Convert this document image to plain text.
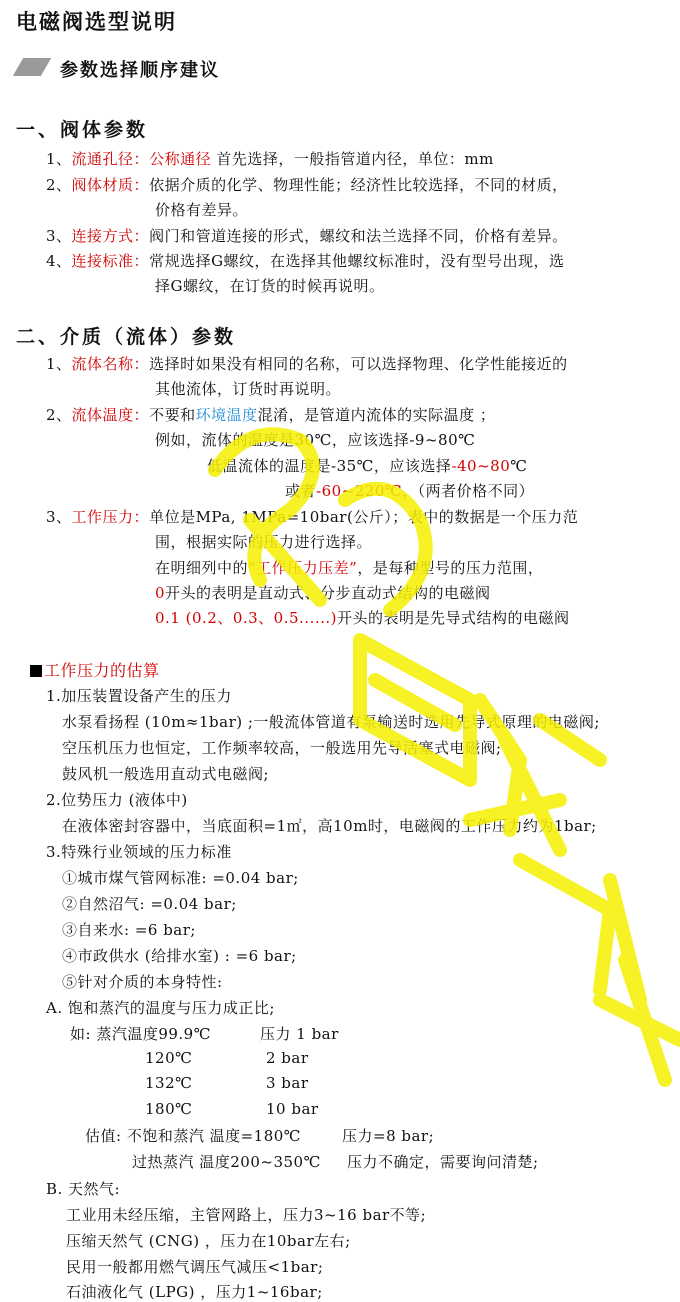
电磁阀选型说明
参数选择顺序建议
一、阀体参数
1、流通孔径：公称通径 首先选择，一般指管道内径，单位：mm
2、阀体材质：依据介质的化学、物理性能；经济性比较选择，不同的材质，
价格有差异。
3、连接方式：阀门和管道连接的形式，螺纹和法兰选择不同，价格有差异。
4、连接标准：常规选择G螺纹，在选择其他螺纹标准时，没有型号出现，选
择G螺纹，在订货的时候再说明。
二、介质（流体）参数
1、流体名称：选择时如果没有相同的名称，可以选择物理、化学性能接近的
其他流体，订货时再说明。
2、流体温度：不要和环境温度混淆，是管道内流体的实际温度 ；
例如，流体的温度是30℃，应该选择-9~80℃
低温流体的温度是-35℃，应该选择-40~80℃
或者-60~220℃，（两者价格不同）
3、工作压力：单位是MPa, 1MPa=10bar(公斤）；表中的数据是一个压力范
围，根据实际的压力进行选择。
在明细列中的“工作压力压差”，是每种型号的压力范围，
0开头的表明是直动式、分步直动式结构的电磁阀
0.1 (0.2、0.3、0.5......)开头的表明是先导式结构的电磁阀
工作压力的估算
1.加压装置设备产生的压力
水泵看扬程 (10m≈1bar) ;一般流体管道有泵输送时选用先导式原理的电磁阀;
空压机压力也恒定，工作频率较高，一般选用先导活塞式电磁阀;
鼓风机一般选用直动式电磁阀;
2.位势压力 (液体中)
在液体密封容器中，当底面积=1㎡，高10m时，电磁阀的工作压力约为1bar;
3.特殊行业领域的压力标准
①城市煤气管网标准: =0.04 bar;
②自然沼气: =0.04 bar;
③自来水: =6 bar;
④市政供水 (给排水室) : =6 bar;
⑤针对介质的本身特性:
A. 饱和蒸汽的温度与压力成正比;
如: 蒸汽温度99.9℃	压力 1 bar
120℃	2 bar
132℃	3 bar
180℃	10 bar
估值: 不饱和蒸汽 温度=180℃	压力=8 bar;
过热蒸汽 温度200~350℃ 压力不确定，需要询问清楚;
B. 天然气:
工业用未经压缩，主管网路上，压力3~16 bar不等;
压缩天然气 (CNG) ，压力在10bar左右;
民用一般都用燃气调压气减压<1bar;
石油液化气 (LPG) ，压力1~16bar;
